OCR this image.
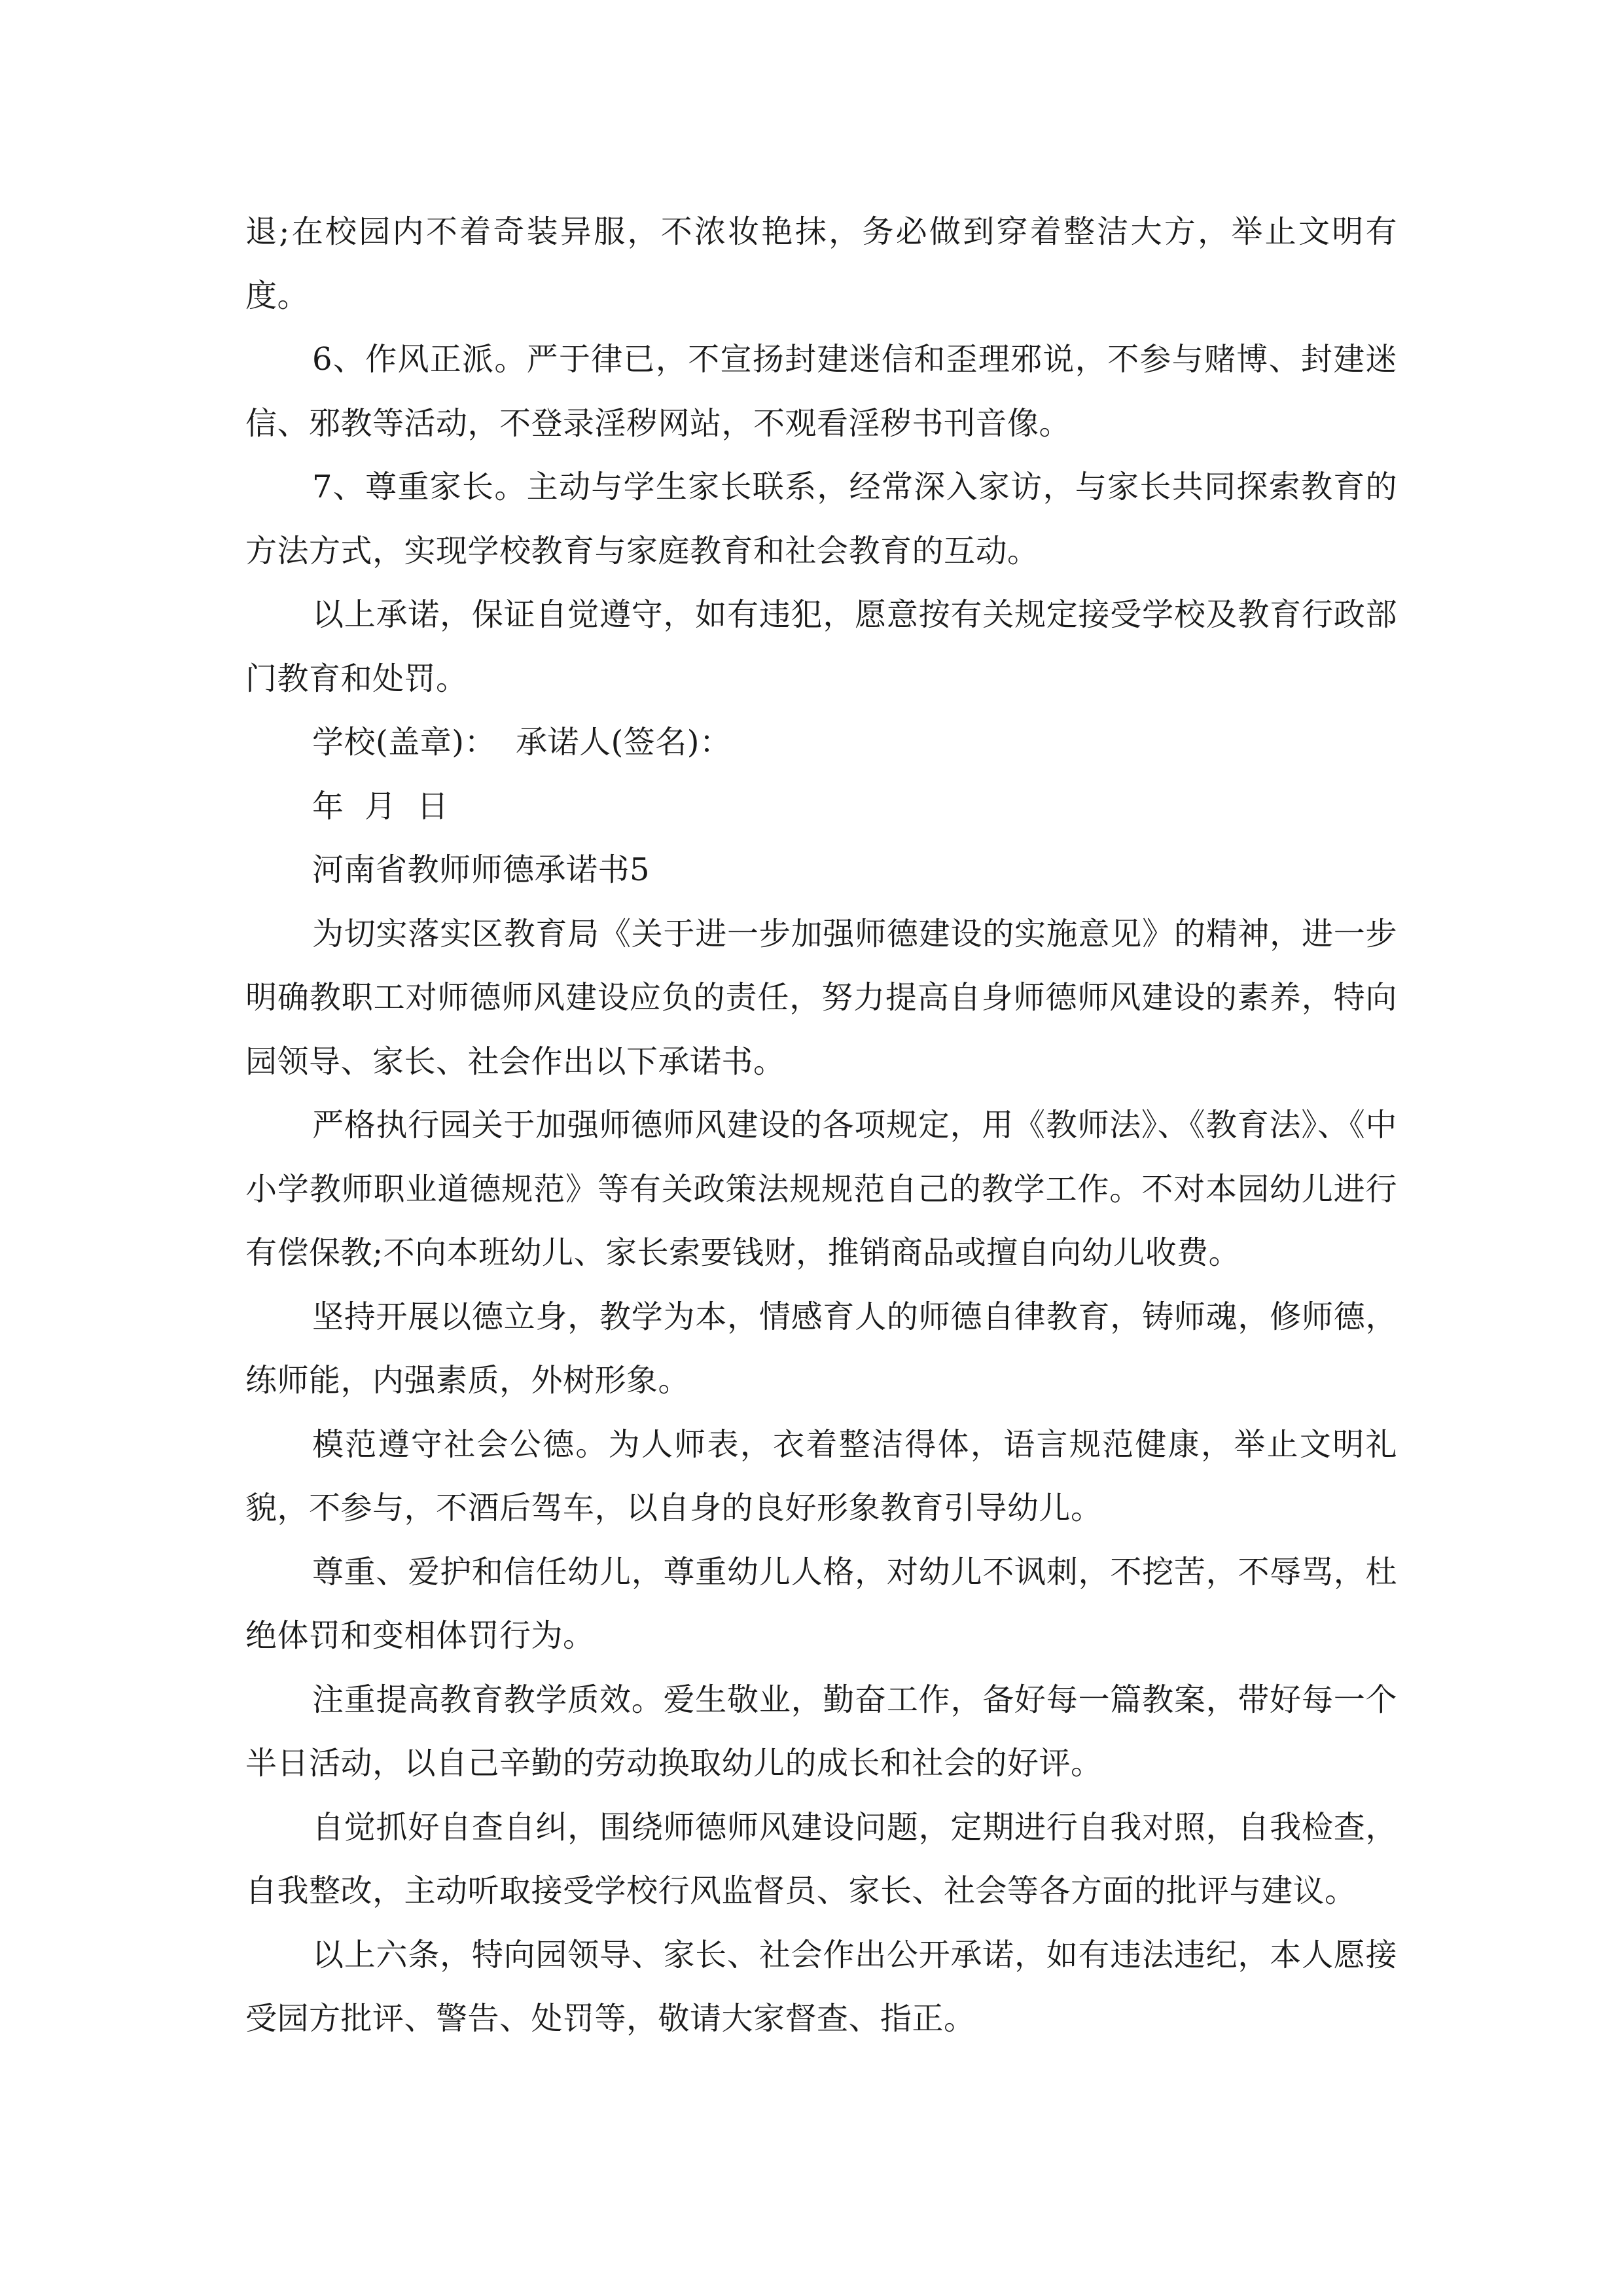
退;在校园内不着奇装异服，不浓妆艳抹，务必做到穿着整洁大方，举止文明有度。

6、作风正派。严于律已，不宣扬封建迷信和歪理邪说，不参与赌博、封建迷信、邪教等活动，不登录淫秽网站，不观看淫秽书刊音像。

7、尊重家长。主动与学生家长联系，经常深入家访，与家长共同探索教育的方法方式，实现学校教育与家庭教育和社会教育的互动。

以上承诺，保证自觉遵守，如有违犯，愿意按有关规定接受学校及教育行政部门教育和处罚。

学校(盖章)： 承诺人(签名)：

年  月  日

河南省教师师德承诺书5

为切实落实区教育局《关于进一步加强师德建设的实施意见》的精神，进一步明确教职工对师德师风建设应负的责任，努力提高自身师德师风建设的素养，特向园领导、家长、社会作出以下承诺书。

严格执行园关于加强师德师风建设的各项规定，用《教师法》、《教育法》、《中小学教师职业道德规范》等有关政策法规规范自己的教学工作。不对本园幼儿进行有偿保教;不向本班幼儿、家长索要钱财，推销商品或擅自向幼儿收费。

坚持开展以德立身，教学为本，情感育人的师德自律教育，铸师魂，修师德，练师能，内强素质，外树形象。

模范遵守社会公德。为人师表，衣着整洁得体，语言规范健康，举止文明礼貌，不参与，不酒后驾车，以自身的良好形象教育引导幼儿。

尊重、爱护和信任幼儿，尊重幼儿人格，对幼儿不讽刺，不挖苦，不辱骂，杜绝体罚和变相体罚行为。

注重提高教育教学质效。爱生敬业，勤奋工作，备好每一篇教案，带好每一个半日活动，以自己辛勤的劳动换取幼儿的成长和社会的好评。

自觉抓好自查自纠，围绕师德师风建设问题，定期进行自我对照，自我检查，自我整改，主动听取接受学校行风监督员、家长、社会等各方面的批评与建议。

以上六条，特向园领导、家长、社会作出公开承诺，如有违法违纪，本人愿接受园方批评、警告、处罚等，敬请大家督查、指正。
